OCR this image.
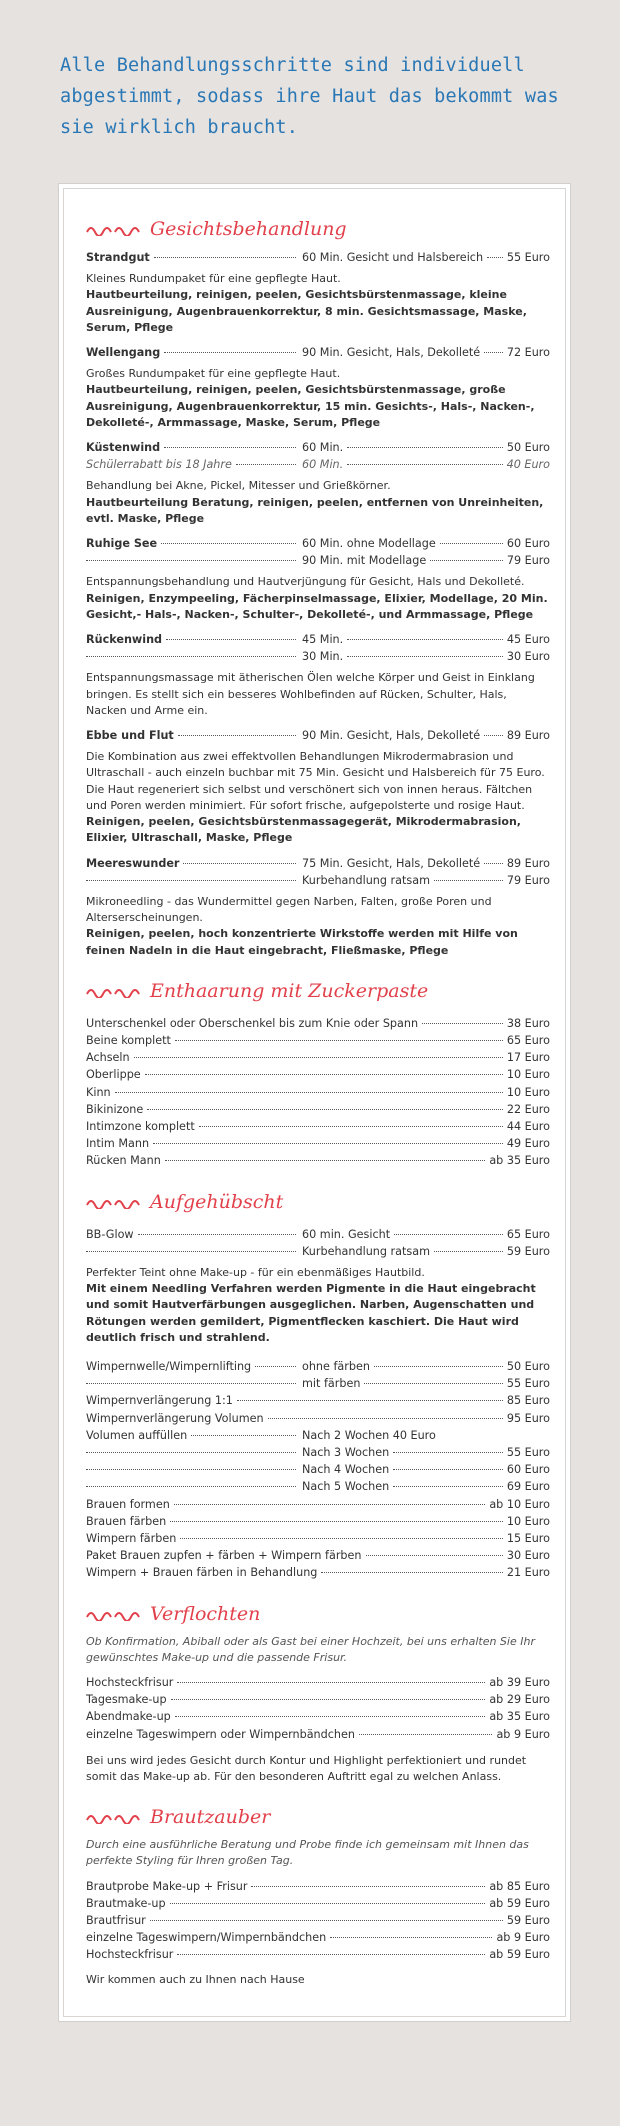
Alle Behandlungsschritte sind individuell abgestimmt, sodass ihre Haut das bekommt was sie wirklich braucht.
Gesichtsbehandlung
Strandgut	60 Min. Gesicht und Halsbereich 55 Euro
Kleines Rundumpaket für eine gepflegte Haut.
Hautbeurteilung, reinigen, peelen, Gesichtsbürstenmassage, kleine Ausreinigung, Augenbrauenkorrektur, 8 min. Gesichtsmassage, Maske, Serum, Pflege
Wellengang	90 Min. Gesicht, Hals, Dekolleté 72 Euro
Großes Rundumpaket für eine gepflegte Haut.
Hautbeurteilung, reinigen, peelen, Gesichtsbürstenmassage, große Ausreinigung, Augenbrauenkorrektur, 15 min. Gesichts-, Hals-, Nacken-, Dekolleté-, Armmassage, Maske, Serum, Pflege
Küstenwind	60 Min.	50 Euro
Schülerrabatt bis 18 Jahre	60 Min.	40 Euro
Behandlung bei Akne, Pickel, Mitesser und Grießkörner.
Hautbeurteilung Beratung, reinigen, peelen, entfernen von Unreinheiten, evtl. Maske, Pflege
Ruhige See	60 Min. ohne Modellage	60 Euro
90 Min. mit Modellage	79 Euro
Entspannungsbehandlung und Hautverjüngung für Gesicht, Hals und Dekolleté.
Reinigen, Enzympeeling, Fächerpinselmassage, Elixier, Modellage, 20 Min. Gesicht,- Hals-, Nacken-, Schulter-, Dekolleté-, und Armmassage, Pflege
Rückenwind	45 Min.	45 Euro
30 Min.	30 Euro
Entspannungsmassage mit ätherischen Ölen welche Körper und Geist in Einklang bringen. Es stellt sich ein besseres Wohlbefinden auf Rücken, Schulter, Hals, Nacken und Arme ein.
Ebbe und Flut	90 Min. Gesicht, Hals, Dekolleté 89 Euro
Die Kombination aus zwei effektvollen Behandlungen Mikrodermabrasion und Ultraschall - auch einzeln buchbar mit 75 Min. Gesicht und Halsbereich für 75 Euro. Die Haut regeneriert sich selbst und verschönert sich von innen heraus. Fältchen und Poren werden minimiert. Für sofort frische, aufgepolsterte und rosige Haut.
Reinigen, peelen, Gesichtsbürstenmassagegerät, Mikrodermabrasion, Elixier, Ultraschall, Maske, Pflege
Meereswunder	75 Min. Gesicht, Hals, Dekolleté 89 Euro
Kurbehandlung ratsam	79 Euro
Mikroneedling - das Wundermittel gegen Narben, Falten, große Poren und Alterserscheinungen.
Reinigen, peelen, hoch konzentrierte Wirkstoffe werden mit Hilfe von feinen Nadeln in die Haut eingebracht, Fließmaske, Pflege
Enthaarung mit Zuckerpaste
Unterschenkel oder Oberschenkel bis zum Knie oder Spann	38 Euro
Beine komplett	65 Euro
Achseln	17 Euro
Oberlippe	10 Euro
Kinn	10 Euro
Bikinizone	22 Euro
Intimzone komplett	44 Euro
Intim Mann	49 Euro
Rücken Mann	ab 35 Euro
Aufgehübscht
BB-Glow	60 min. Gesicht	65 Euro
Kurbehandlung ratsam	59 Euro
Perfekter Teint ohne Make-up - für ein ebenmäßiges Hautbild.
Mit einem Needling Verfahren werden Pigmente in die Haut eingebracht und somit Hautverfärbungen ausgeglichen. Narben, Augenschatten und Rötungen werden gemildert, Pigmentflecken kaschiert. Die Haut wird deutlich frisch und strahlend.
Wimpernwelle/Wimpernlifting	ohne färben	50 Euro
mit färben	55 Euro
Wimpernverlängerung 1:1	85 Euro
Wimpernverlängerung Volumen	95 Euro
Volumen auffüllen	Nach 2 Wochen 40 Euro
Nach 3 Wochen	55 Euro
Nach 4 Wochen	60 Euro
Nach 5 Wochen	69 Euro
Brauen formen	ab 10 Euro
Brauen färben	10 Euro
Wimpern färben	15 Euro
Paket Brauen zupfen + färben + Wimpern färben	30 Euro
Wimpern + Brauen färben in Behandlung	21 Euro
Verflochten
Ob Konfirmation, Abiball oder als Gast bei einer Hochzeit, bei uns erhalten Sie Ihr gewünschtes Make-up und die passende Frisur.
Hochsteckfrisur	ab 39 Euro
Tagesmake-up	ab 29 Euro
Abendmake-up	ab 35 Euro
einzelne Tageswimpern oder Wimpernbändchen	ab 9 Euro
Bei uns wird jedes Gesicht durch Kontur und Highlight perfektioniert und rundet somit das Make-up ab. Für den besonderen Auftritt egal zu welchen Anlass.
Brautzauber
Durch eine ausführliche Beratung und Probe finde ich gemeinsam mit Ihnen das perfekte Styling für Ihren großen Tag.
Brautprobe Make-up + Frisur	ab 85 Euro
Brautmake-up	ab 59 Euro
Brautfrisur	59 Euro
einzelne Tageswimpern/Wimpernbändchen	ab 9 Euro
Hochsteckfrisur	ab 59 Euro
Wir kommen auch zu Ihnen nach Hause
